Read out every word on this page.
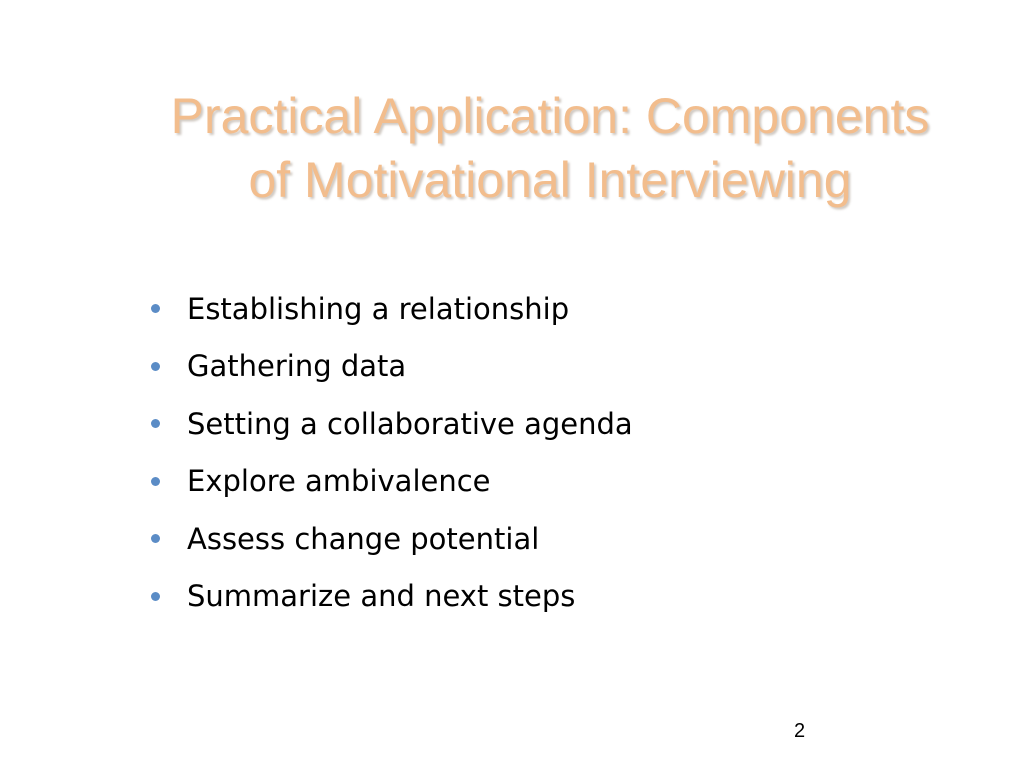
Practical Application: Components
of Motivational Interviewing
Establishing a relationship
Gathering data
Setting a collaborative agenda
Explore ambivalence
Assess change potential
Summarize and next steps
2
